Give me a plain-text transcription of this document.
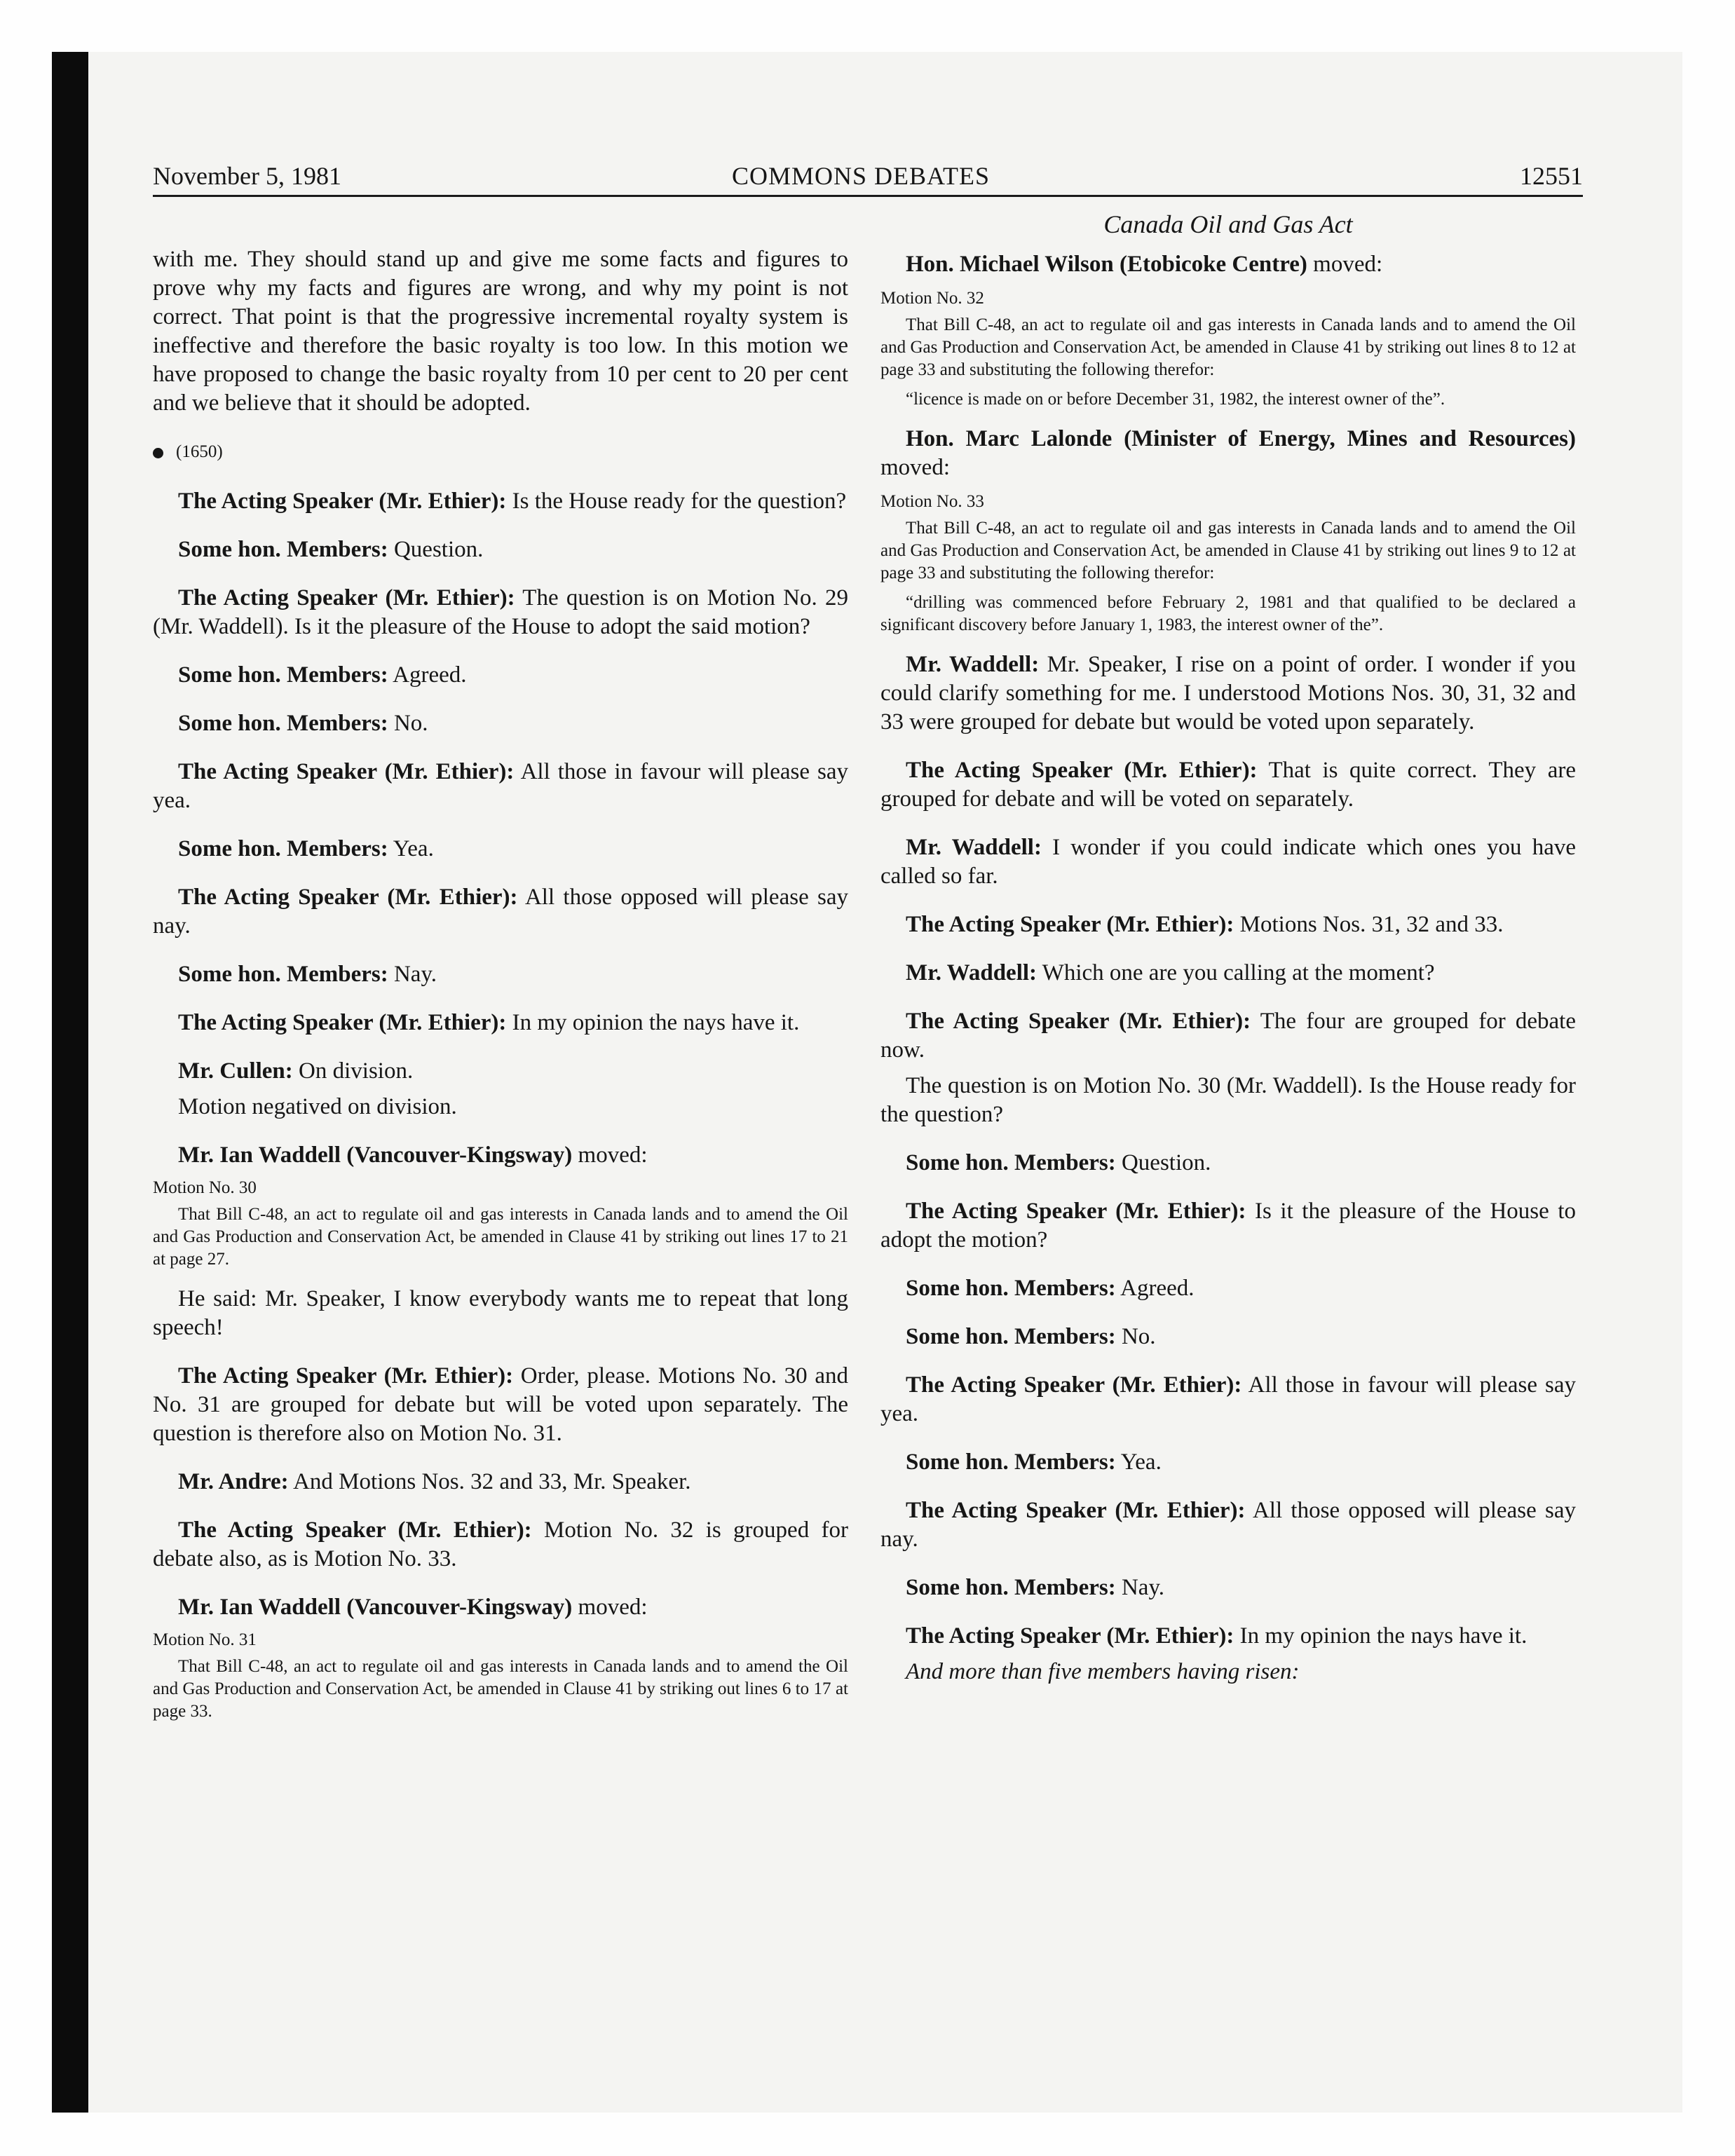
November 5, 1981	COMMONS DEBATES	12551

with me. They should stand up and give me some facts and figures to prove why my facts and figures are wrong, and why my point is not correct. That point is that the progressive incremental royalty system is ineffective and therefore the basic royalty is too low. In this motion we have proposed to change the basic royalty from 10 per cent to 20 per cent and we believe that it should be adopted.

(1650)

The Acting Speaker (Mr. Ethier): Is the House ready for the question?

Some hon. Members: Question.

The Acting Speaker (Mr. Ethier): The question is on Motion No. 29 (Mr. Waddell). Is it the pleasure of the House to adopt the said motion?

Some hon. Members: Agreed.

Some hon. Members: No.

The Acting Speaker (Mr. Ethier): All those in favour will please say yea.

Some hon. Members: Yea.

The Acting Speaker (Mr. Ethier): All those opposed will please say nay.

Some hon. Members: Nay.

The Acting Speaker (Mr. Ethier): In my opinion the nays have it.

Mr. Cullen: On division.

Motion negatived on division.

Mr. Ian Waddell (Vancouver-Kingsway) moved:

Motion No. 30

That Bill C-48, an act to regulate oil and gas interests in Canada lands and to amend the Oil and Gas Production and Conservation Act, be amended in Clause 41 by striking out lines 17 to 21 at page 27.

He said: Mr. Speaker, I know everybody wants me to repeat that long speech!

The Acting Speaker (Mr. Ethier): Order, please. Motions No. 30 and No. 31 are grouped for debate but will be voted upon separately. The question is therefore also on Motion No. 31.

Mr. Andre: And Motions Nos. 32 and 33, Mr. Speaker.

The Acting Speaker (Mr. Ethier): Motion No. 32 is grouped for debate also, as is Motion No. 33.

Mr. Ian Waddell (Vancouver-Kingsway) moved:

Motion No. 31

That Bill C-48, an act to regulate oil and gas interests in Canada lands and to amend the Oil and Gas Production and Conservation Act, be amended in Clause 41 by striking out lines 6 to 17 at page 33.

Canada Oil and Gas Act

Hon. Michael Wilson (Etobicoke Centre) moved:

Motion No. 32

That Bill C-48, an act to regulate oil and gas interests in Canada lands and to amend the Oil and Gas Production and Conservation Act, be amended in Clause 41 by striking out lines 8 to 12 at page 33 and substituting the following therefor:

“licence is made on or before December 31, 1982, the interest owner of the”.

Hon. Marc Lalonde (Minister of Energy, Mines and Resources) moved:

Motion No. 33

That Bill C-48, an act to regulate oil and gas interests in Canada lands and to amend the Oil and Gas Production and Conservation Act, be amended in Clause 41 by striking out lines 9 to 12 at page 33 and substituting the following therefor:

“drilling was commenced before February 2, 1981 and that qualified to be declared a significant discovery before January 1, 1983, the interest owner of the”.

Mr. Waddell: Mr. Speaker, I rise on a point of order. I wonder if you could clarify something for me. I understood Motions Nos. 30, 31, 32 and 33 were grouped for debate but would be voted upon separately.

The Acting Speaker (Mr. Ethier): That is quite correct. They are grouped for debate and will be voted on separately.

Mr. Waddell: I wonder if you could indicate which ones you have called so far.

The Acting Speaker (Mr. Ethier): Motions Nos. 31, 32 and 33.

Mr. Waddell: Which one are you calling at the moment?

The Acting Speaker (Mr. Ethier): The four are grouped for debate now.

The question is on Motion No. 30 (Mr. Waddell). Is the House ready for the question?

Some hon. Members: Question.

The Acting Speaker (Mr. Ethier): Is it the pleasure of the House to adopt the motion?

Some hon. Members: Agreed.

Some hon. Members: No.

The Acting Speaker (Mr. Ethier): All those in favour will please say yea.

Some hon. Members: Yea.

The Acting Speaker (Mr. Ethier): All those opposed will please say nay.

Some hon. Members: Nay.

The Acting Speaker (Mr. Ethier): In my opinion the nays have it.

And more than five members having risen:
